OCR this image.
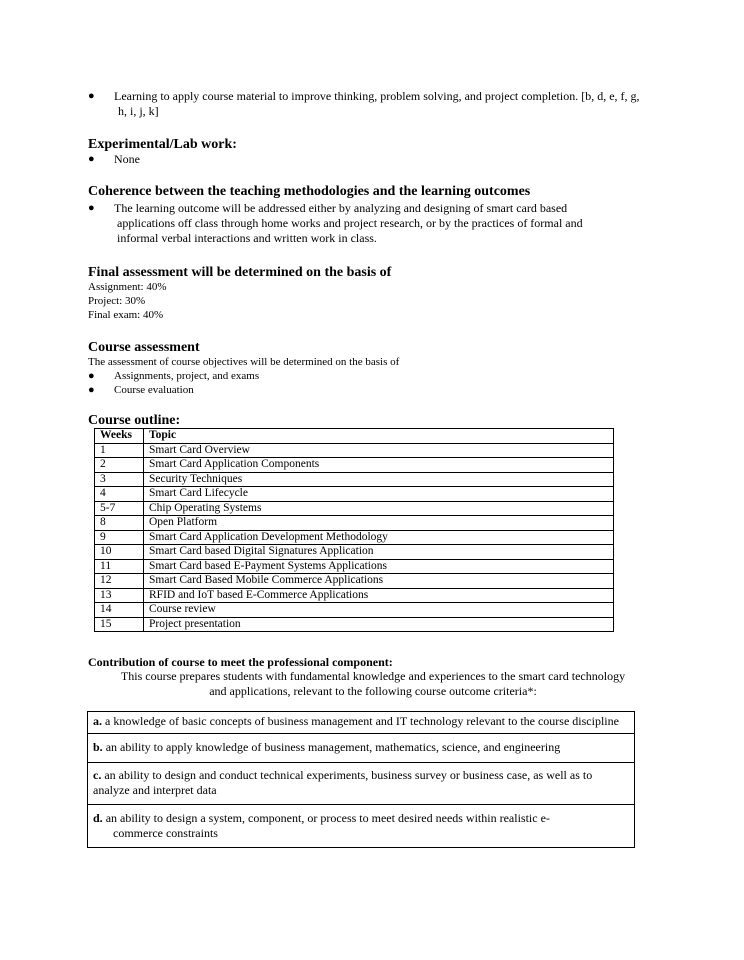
● Learning to apply course material to improve thinking, problem solving, and project completion. [b, d, e, f, g,
h, i, j, k]
Experimental/Lab work:
● None
Coherence between the teaching methodologies and the learning outcomes
● The learning outcome will be addressed either by analyzing and designing of smart card based
applications off class through home works and project research, or by the practices of formal and
informal verbal interactions and written work in class.
Final assessment will be determined on the basis of
Assignment: 40%
Project: 30%
Final exam: 40%
Course assessment
The assessment of course objectives will be determined on the basis of
● Assignments, project, and exams
● Course evaluation
Course outline:
Weeks	Topic
1	Smart Card Overview
2	Smart Card Application Components
3	Security Techniques
4	Smart Card Lifecycle
5-7	Chip Operating Systems
8	Open Platform
9	Smart Card Application Development Methodology
10	Smart Card based Digital Signatures Application
11	Smart Card based E-Payment Systems Applications
12	Smart Card Based Mobile Commerce Applications
13	RFID and IoT based E-Commerce Applications
14	Course review
15	Project presentation
Contribution of course to meet the professional component:
This course prepares students with fundamental knowledge and experiences to the smart card technology
and applications, relevant to the following course outcome criteria*:
a. a knowledge of basic concepts of business management and IT technology relevant to the course discipline
b. an ability to apply knowledge of business management, mathematics, science, and engineering
c. an ability to design and conduct technical experiments, business survey or business case, as well as to analyze and interpret data
d. an ability to design a system, component, or process to meet desired needs within realistic e-
commerce constraints
